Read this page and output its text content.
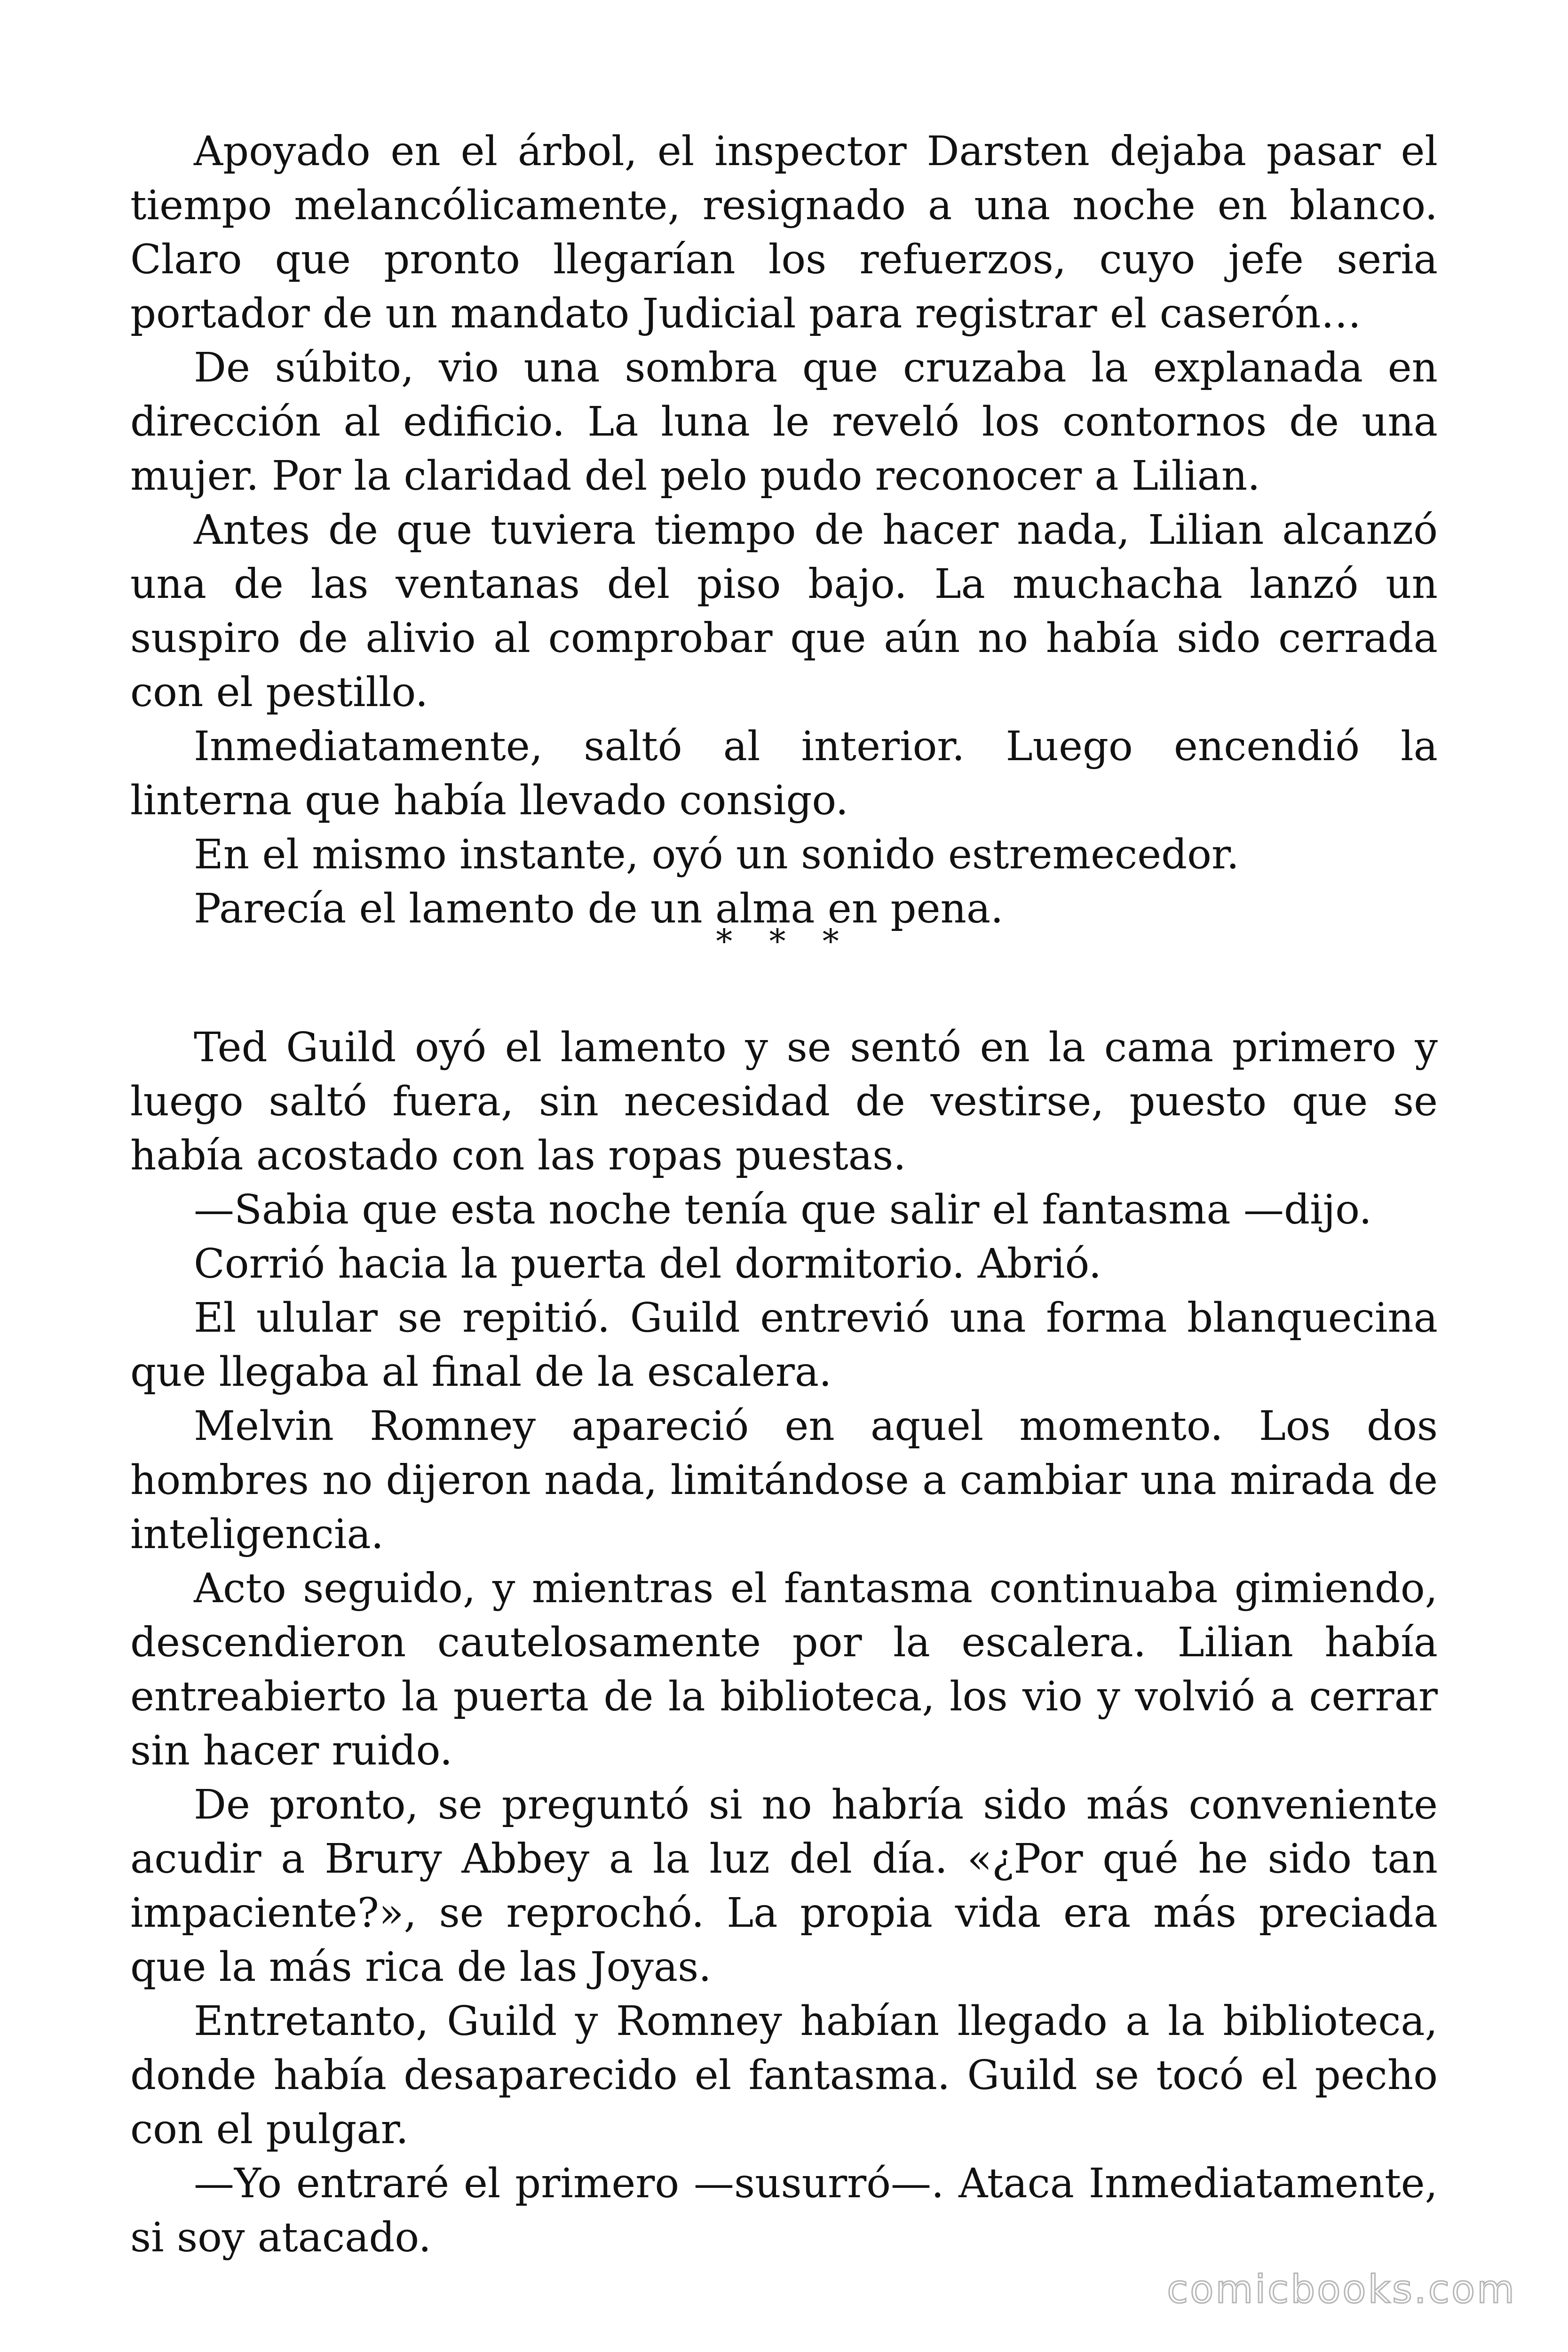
Apoyado en el árbol, el inspector Darsten dejaba pasar el tiempo melancólicamente, resignado a una noche en blanco. Claro que pronto llegarían los refuerzos, cuyo jefe seria portador de un mandato Judicial para registrar el caserón…

De súbito, vio una sombra que cruzaba la explanada en dirección al edificio. La luna le reveló los contornos de una mujer. Por la claridad del pelo pudo reconocer a Lilian.

Antes de que tuviera tiempo de hacer nada, Lilian alcanzó una de las ventanas del piso bajo. La muchacha lanzó un suspiro de alivio al comprobar que aún no había sido cerrada con el pestillo.

Inmediatamente, saltó al interior. Luego encendió la linterna que había llevado consigo.

En el mismo instante, oyó un sonido estremecedor.

Parecía el lamento de un alma en pena.

* * *

Ted Guild oyó el lamento y se sentó en la cama primero y luego saltó fuera, sin necesidad de vestirse, puesto que se había acostado con las ropas puestas.

—Sabia que esta noche tenía que salir el fantasma —dijo.

Corrió hacia la puerta del dormitorio. Abrió.

El ulular se repitió. Guild entrevió una forma blanquecina que llegaba al final de la escalera.

Melvin Romney apareció en aquel momento. Los dos hombres no dijeron nada, limitándose a cambiar una mirada de inteligencia.

Acto seguido, y mientras el fantasma continuaba gimiendo, descendieron cautelosamente por la escalera. Lilian había entreabierto la puerta de la biblioteca, los vio y volvió a cerrar sin hacer ruido.

De pronto, se preguntó si no habría sido más conveniente acudir a Brury Abbey a la luz del día. «¿Por qué he sido tan impaciente?», se reprochó. La propia vida era más preciada que la más rica de las Joyas.

Entretanto, Guild y Romney habían llegado a la biblioteca, donde había desaparecido el fantasma. Guild se tocó el pecho con el pulgar.

—Yo entraré el primero —susurró—. Ataca Inmediatamente, si soy atacado.

comicbooks.com
